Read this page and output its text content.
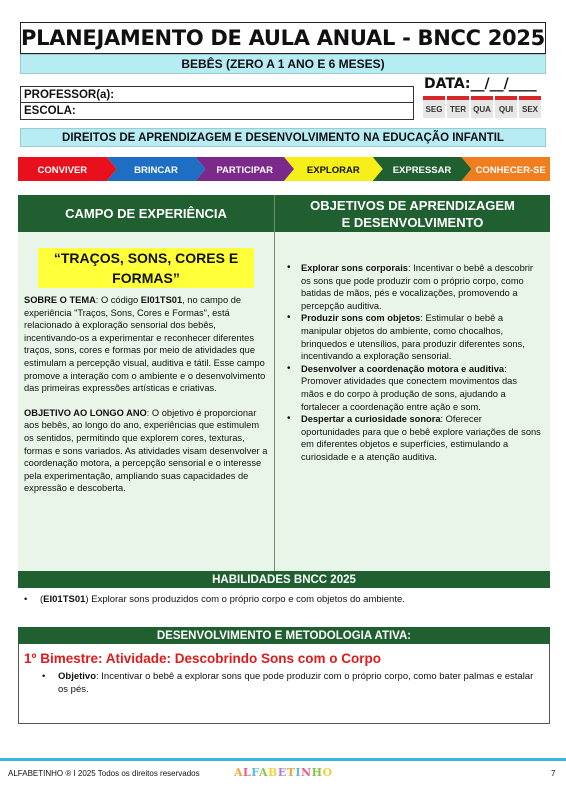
PLANEJAMENTO DE AULA ANUAL - BNCC 2025
BEBÊS (ZERO A 1 ANO E 6 MESES)
PROFESSOR(a):
ESCOLA:
DATA:__/__/____
SEG TER QUA QUI SEX
DIREITOS DE APRENDIZAGEM E DESENVOLVIMENTO NA EDUCAÇÃO INFANTIL
CONHECER-SE
EXPRESSAR
EXPLORAR
PARTICIPAR
BRINCAR
CONVIVER
CAMPO DE EXPERIÊNCIA
OBJETIVOS DE APRENDIZAGEM
E DESENVOLVIMENTO
“TRAÇOS, SONS, CORES E FORMAS”

SOBRE O TEMA: O código EI01TS01, no campo de experiência "Traços, Sons, Cores e Formas", está relacionado à exploração sensorial dos bebês, incentivando-os a experimentar e reconhecer diferentes traços, sons, cores e formas por meio de atividades que estimulam a percepção visual, auditiva e tátil. Esse campo promove a interação com o ambiente e o desenvolvimento das primeiras expressões artísticas e criativas.

OBJETIVO AO LONGO ANO: O objetivo é proporcionar aos bebês, ao longo do ano, experiências que estimulem os sentidos, permitindo que explorem cores, texturas, formas e sons variados. As atividades visam desenvolver a coordenação motora, a percepção sensorial e o interesse pela experimentação, ampliando suas capacidades de expressão e descoberta.

• Explorar sons corporais: Incentivar o bebê a descobrir os sons que pode produzir com o próprio corpo, como batidas de mãos, pés e vocalizações, promovendo a percepção auditiva.
• Produzir sons com objetos: Estimular o bebê a manipular objetos do ambiente, como chocalhos, brinquedos e utensílios, para produzir diferentes sons, incentivando a exploração sensorial.
• Desenvolver a coordenação motora e auditiva: Promover atividades que conectem movimentos das mãos e do corpo à produção de sons, ajudando a fortalecer a coordenação entre ação e som.
• Despertar a curiosidade sonora: Oferecer oportunidades para que o bebê explore variações de sons em diferentes objetos e superfícies, estimulando a curiosidade e a atenção auditiva.
HABILIDADES BNCC 2025
• (EI01TS01) Explorar sons produzidos com o próprio corpo e com objetos do ambiente.
DESENVOLVIMENTO E METODOLOGIA ATIVA:
1º Bimestre: Atividade: Descobrindo Sons com o Corpo
• Objetivo: Incentivar o bebê a explorar sons que pode produzir com o próprio corpo, como bater palmas e estalar os pés.
ALFABETINHO ® I 2025 Todos os direitos reservados	ALFABETINHO	7
